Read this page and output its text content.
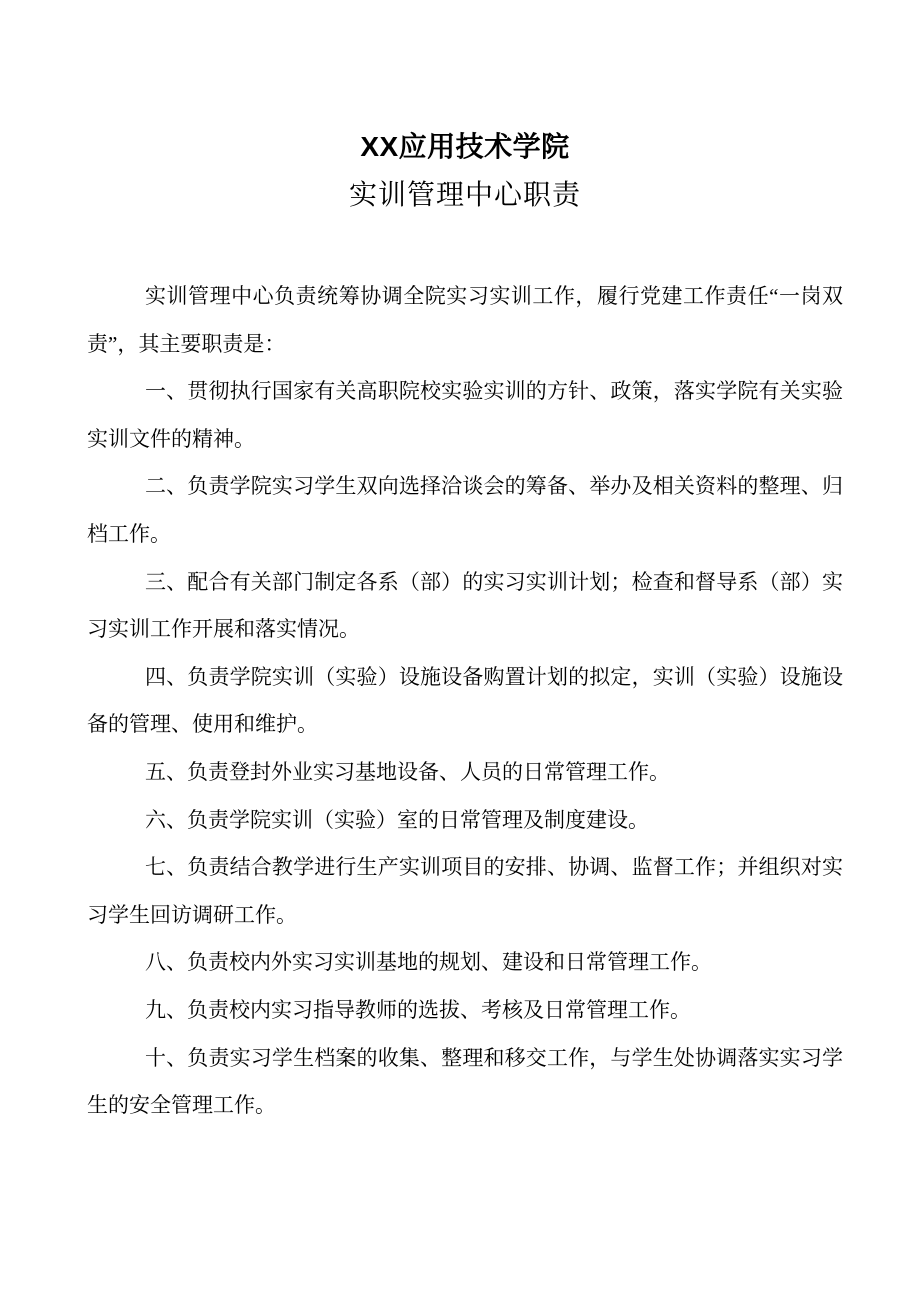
XX应用技术学院
实训管理中心职责

实训管理中心负责统筹协调全院实习实训工作，履行党建工作责任“一岗双责”，其主要职责是：

一、贯彻执行国家有关高职院校实验实训的方针、政策，落实学院有关实验实训文件的精神。

二、负责学院实习学生双向选择洽谈会的筹备、举办及相关资料的整理、归档工作。

三、配合有关部门制定各系（部）的实习实训计划；检查和督导系（部）实习实训工作开展和落实情况。

四、负责学院实训（实验）设施设备购置计划的拟定，实训（实验）设施设备的管理、使用和维护。

五、负责登封外业实习基地设备、人员的日常管理工作。

六、负责学院实训（实验）室的日常管理及制度建设。

七、负责结合教学进行生产实训项目的安排、协调、监督工作；并组织对实习学生回访调研工作。

八、负责校内外实习实训基地的规划、建设和日常管理工作。

九、负责校内实习指导教师的选拔、考核及日常管理工作。

十、负责实习学生档案的收集、整理和移交工作，与学生处协调落实实习学生的安全管理工作。
